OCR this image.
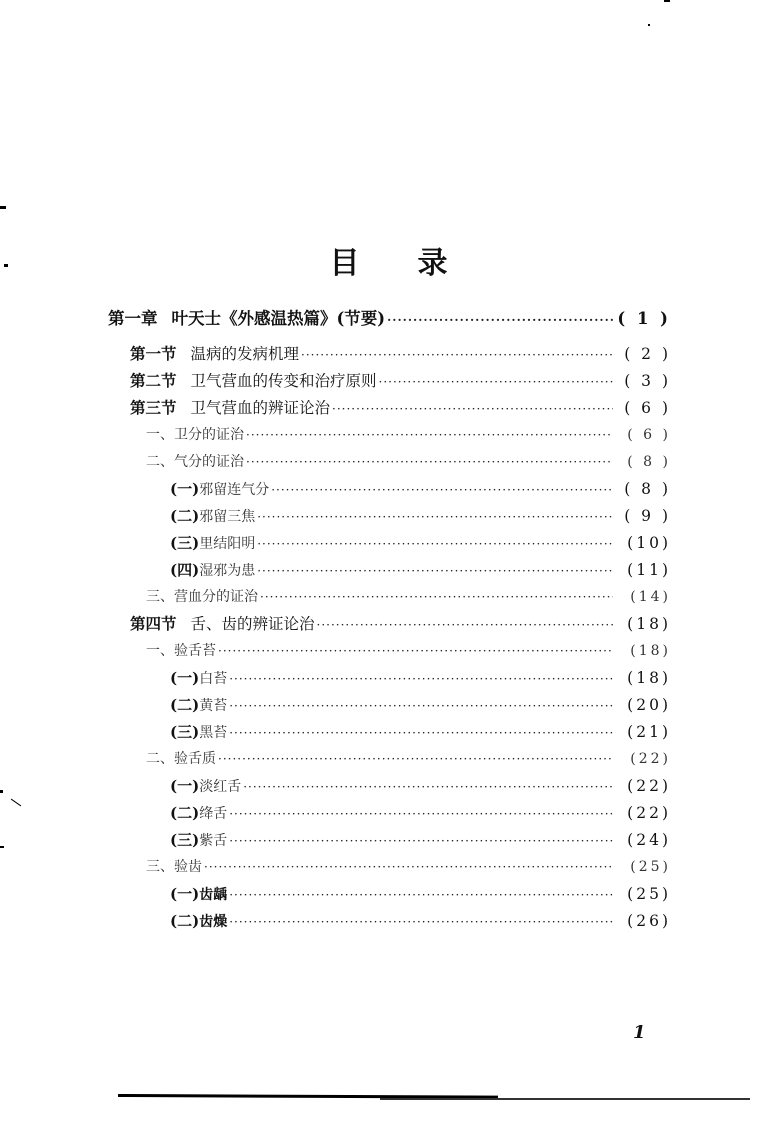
目 录
第一章 叶天士《外感温热篇》(节要) ·····	( 1 )
第一节 温病的发病机理 ·····	( 2 )
第二节 卫气营血的传变和治疗原则 ·····	( 3 )
第三节 卫气营血的辨证论治 ·····	( 6 )
一、卫分的证治 ·····	( 6 )
二、气分的证治 ·····	( 8 )
(一)邪留连气分 ·····	( 8 )
(二)邪留三焦 ·····	( 9 )
(三)里结阳明 ·····	(10)
(四)湿邪为患 ·····	(11)
三、营血分的证治 ·····	(14)
第四节 舌、齿的辨证论治 ·····	(18)
一、验舌苔 ·····	(18)
(一)白苔 ·····	(18)
(二)黄苔 ·····	(20)
(三)黑苔 ·····	(21)
二、验舌质 ·····	(22)
(一)淡红舌 ·····	(22)
(二)绛舌 ·····	(22)
(三)紫舌 ·····	(24)
三、验齿 ·····	(25)
(一)齿龋 ·····	(25)
(二)齿燥 ·····	(26)
1
